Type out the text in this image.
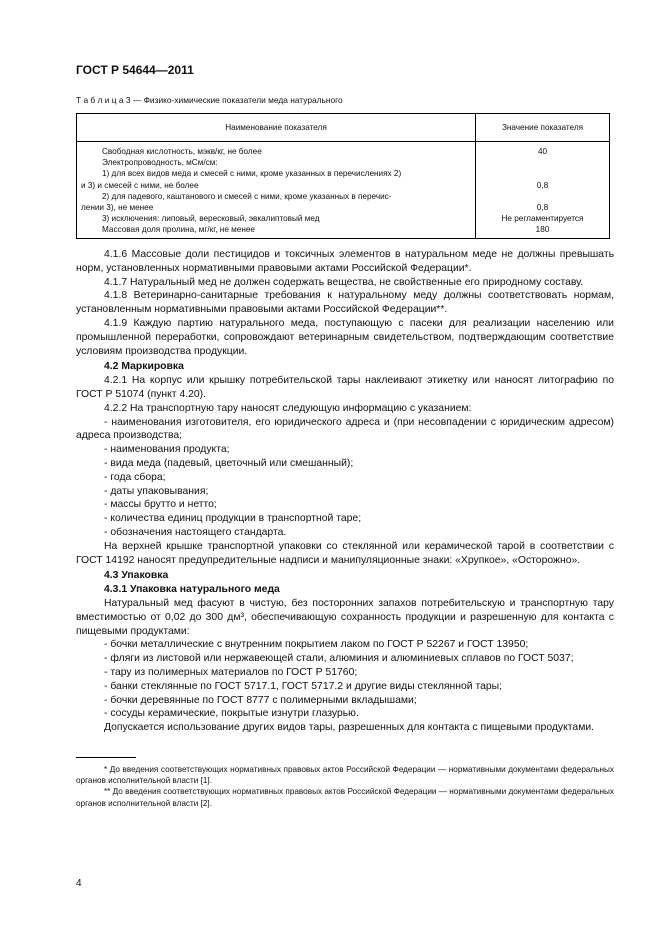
ГОСТ Р 54644—2011
Т а б л и ц а 3 — Физико-химические показатели меда натурального
Наименование показателя	Значение показателя

Свободная кислотность, мэкв/кг, не более	40

Электропроводность, мСм/см:	

1) для всех видов меда и смесей с ними, кроме указанных в перечислениях 2)
и 3) и смесей с ними, не более	0,8

2) для падевого, каштанового и смесей с ними, кроме указанных в перечис-
лении 3), не менее	0,8

3) исключения: липовый, вересковый, эвкалиптовый мед	Не регламентируется

Массовая доля пролина, мг/кг, не менее	180

4.1.6 Массовые доли пестицидов и токсичных элементов в натуральном меде не должны превышать норм, установленных нормативными правовыми актами Российской Федерации*.

4.1.7 Натуральный мед не должен содержать вещества, не свойственные его природному составу.

4.1.8 Ветеринарно-санитарные требования к натуральному меду должны соответствовать нормам, установленным нормативными правовыми актами Российской Федерации**.

4.1.9 Каждую партию натурального меда, поступающую с пасеки для реализации населению или промышленной переработки, сопровождают ветеринарным свидетельством, подтверждающим соответствие условиям производства продукции.

4.2 Маркировка

4.2.1 На корпус или крышку потребительской тары наклеивают этикетку или наносят литографию по ГОСТ Р 51074 (пункт 4.20).

4.2.2 На транспортную тару наносят следующую информацию с указанием:

- наименования изготовителя, его юридического адреса и (при несовпадении с юридическим адресом) адреса производства;

- наименования продукта;

- вида меда (падевый, цветочный или смешанный);

- года сбора;

- даты упаковывания;

- массы брутто и нетто;

- количества единиц продукции в транспортной таре;

- обозначения настоящего стандарта.

На верхней крышке транспортной упаковки со стеклянной или керамической тарой в соответствии с ГОСТ 14192 наносят предупредительные надписи и манипуляционные знаки: «Хрупкое», «Осторожно».

4.3 Упаковка

4.3.1 Упаковка натурального меда

Натуральный мед фасуют в чистую, без посторонних запахов потребительскую и транспортную тару вместимостью от 0,02 до 300 дм³, обеспечивающую сохранность продукции и разрешенную для контакта с пищевыми продуктами:

- бочки металлические с внутренним покрытием лаком по ГОСТ Р 52267 и ГОСТ 13950;

- фляги из листовой или нержавеющей стали, алюминия и алюминиевых сплавов по ГОСТ 5037;

- тару из полимерных материалов по ГОСТ Р 51760;

- банки стеклянные по ГОСТ 5717.1, ГОСТ 5717.2 и другие виды стеклянной тары;

- бочки деревянные по ГОСТ 8777 с полимерными вкладышами;

- сосуды керамические, покрытые изнутри глазурью.

Допускается использование других видов тары, разрешенных для контакта с пищевыми продуктами.

* До введения соответствующих нормативных правовых актов Российской Федерации — нормативными документами федеральных органов исполнительной власти [1].

** До введения соответствующих нормативных правовых актов Российской Федерации — нормативными документами федеральных органов исполнительной власти [2].

4
